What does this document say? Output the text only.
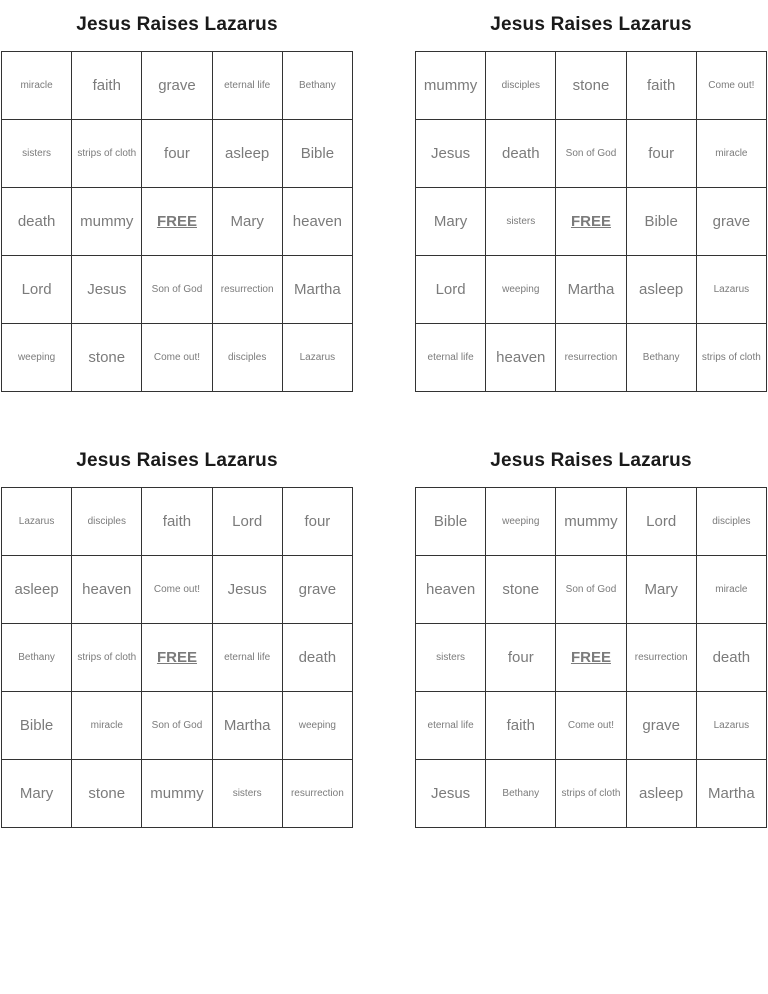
Jesus Raises Lazarus
miracle	faith	grave	eternal life	Bethany
sisters	strips of cloth	four	asleep	Bible
death	mummy	FREE	Mary	heaven
Lord	Jesus	Son of God	resurrection	Martha
weeping	stone	Come out!	disciples	Lazarus
Jesus Raises Lazarus
mummy	disciples	stone	faith	Come out!
Jesus	death	Son of God	four	miracle
Mary	sisters	FREE	Bible	grave
Lord	weeping	Martha	asleep	Lazarus
eternal life	heaven	resurrection	Bethany	strips of cloth
Jesus Raises Lazarus
Lazarus	disciples	faith	Lord	four
asleep	heaven	Come out!	Jesus	grave
Bethany	strips of cloth	FREE	eternal life	death
Bible	miracle	Son of God	Martha	weeping
Mary	stone	mummy	sisters	resurrection
Jesus Raises Lazarus
Bible	weeping	mummy	Lord	disciples
heaven	stone	Son of God	Mary	miracle
sisters	four	FREE	resurrection	death
eternal life	faith	Come out!	grave	Lazarus
Jesus	Bethany	strips of cloth	asleep	Martha
